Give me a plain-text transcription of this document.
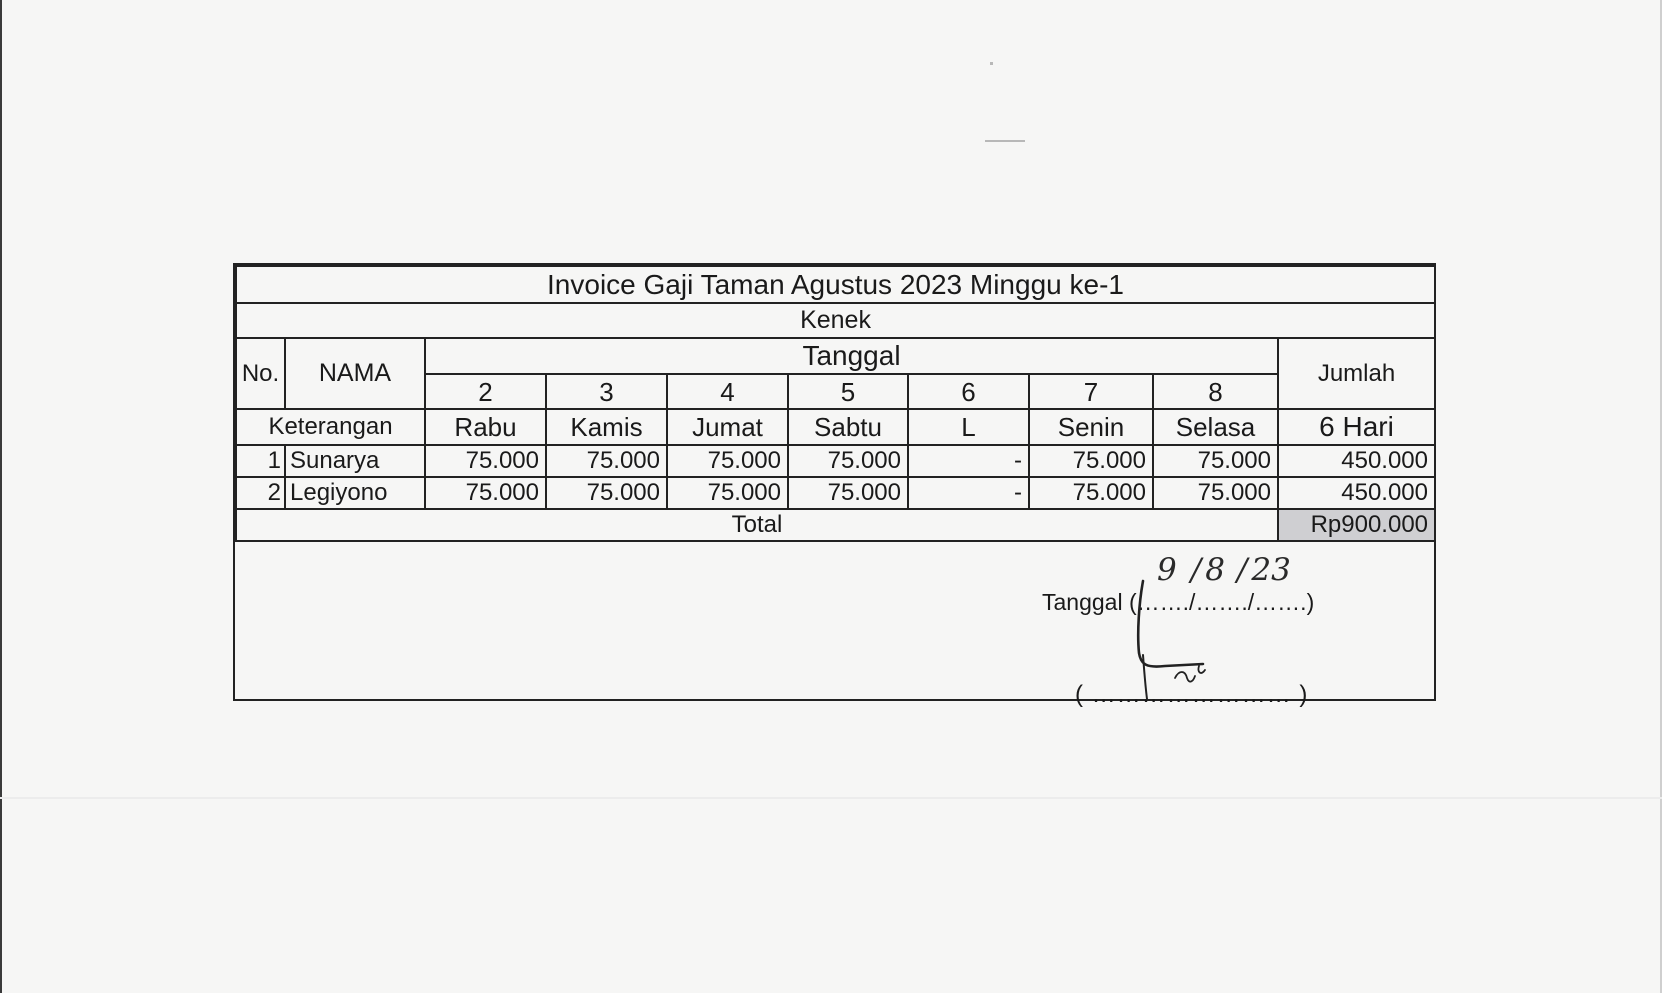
Invoice Gaji Taman Agustus 2023 Minggu ke-1									
Kenek									
No.	NAMA	Tanggal							Jumlah
		2	3	4	5	6	7	8	
Keterangan		Rabu	Kamis	Jumat	Sabtu	L	Senin	Selasa	6 Hari
1	Sunarya	75.000	75.000	75.000	75.000	-	75.000	75.000	450.000
2	Legiyono	75.000	75.000	75.000	75.000	-	75.000	75.000	450.000
Total									Rp900.000
Tanggal (……./……./…….)
( …………………… )
9 / 8 / 23
